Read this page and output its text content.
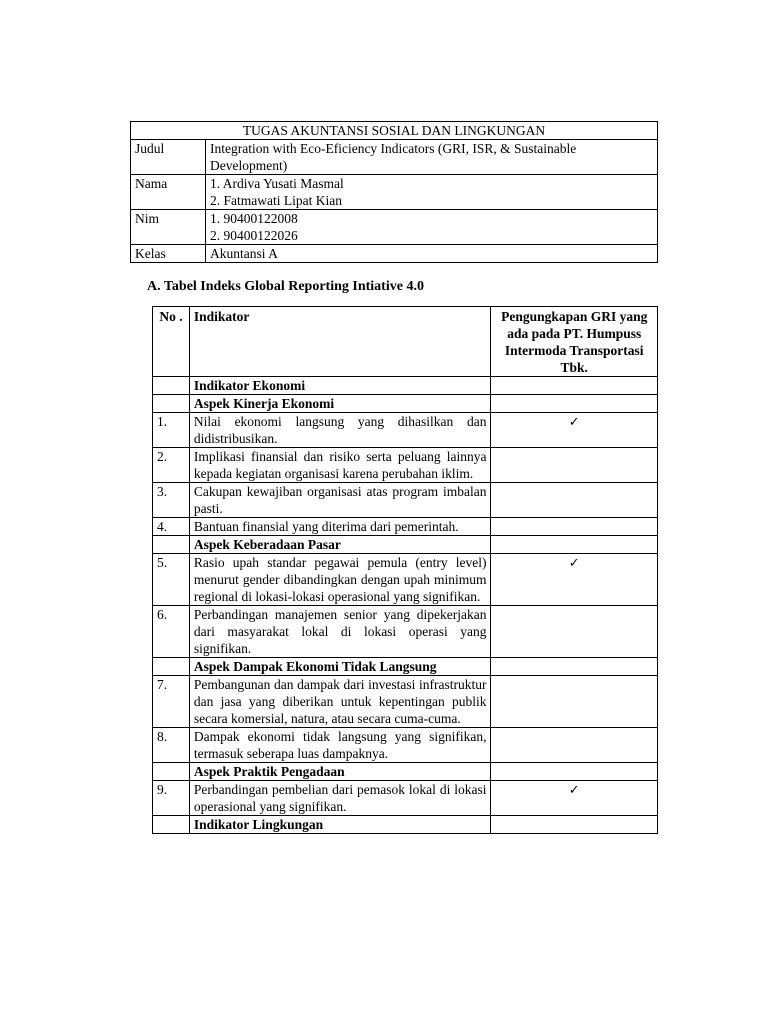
TUGAS AKUNTANSI SOSIAL DAN LINGKUNGAN	
Judul	Integration with Eco-Eficiency Indicators (GRI, ISR, & Sustainable Development)

Nama	1. Ardiva Yusati Masmal
2. Fatmawati Lipat Kian

Nim	1. 90400122008
2. 90400122026

Kelas	Akuntansi A

A. Tabel Indeks Global Reporting Intiative 4.0

No .	Indikator	Pengungkapan GRI yang ada pada PT. Humpuss Intermoda Transportasi Tbk.
	Indikator Ekonomi	
	Aspek Kinerja Ekonomi	
1.	Nilai ekonomi langsung yang dihasilkan dan didistribusikan.	✓
2.	Implikasi finansial dan risiko serta peluang lainnya kepada kegiatan organisasi karena perubahan iklim.	
3.	Cakupan kewajiban organisasi atas program imbalan pasti.	
4.	Bantuan finansial yang diterima dari pemerintah.	
	Aspek Keberadaan Pasar	
5.	Rasio upah standar pegawai pemula (entry level) menurut gender dibandingkan dengan upah minimum regional di lokasi-lokasi operasional yang signifikan.	✓
6.	Perbandingan manajemen senior yang dipekerjakan dari masyarakat lokal di lokasi operasi yang signifikan.	
	Aspek Dampak Ekonomi Tidak Langsung	
7.	Pembangunan dan dampak dari investasi infrastruktur dan jasa yang diberikan untuk kepentingan publik secara komersial, natura, atau secara cuma-cuma.	
8.	Dampak ekonomi tidak langsung yang signifikan, termasuk seberapa luas dampaknya.	
	Aspek Praktik Pengadaan	
9.	Perbandingan pembelian dari pemasok lokal di lokasi operasional yang signifikan.	✓
	Indikator Lingkungan	
